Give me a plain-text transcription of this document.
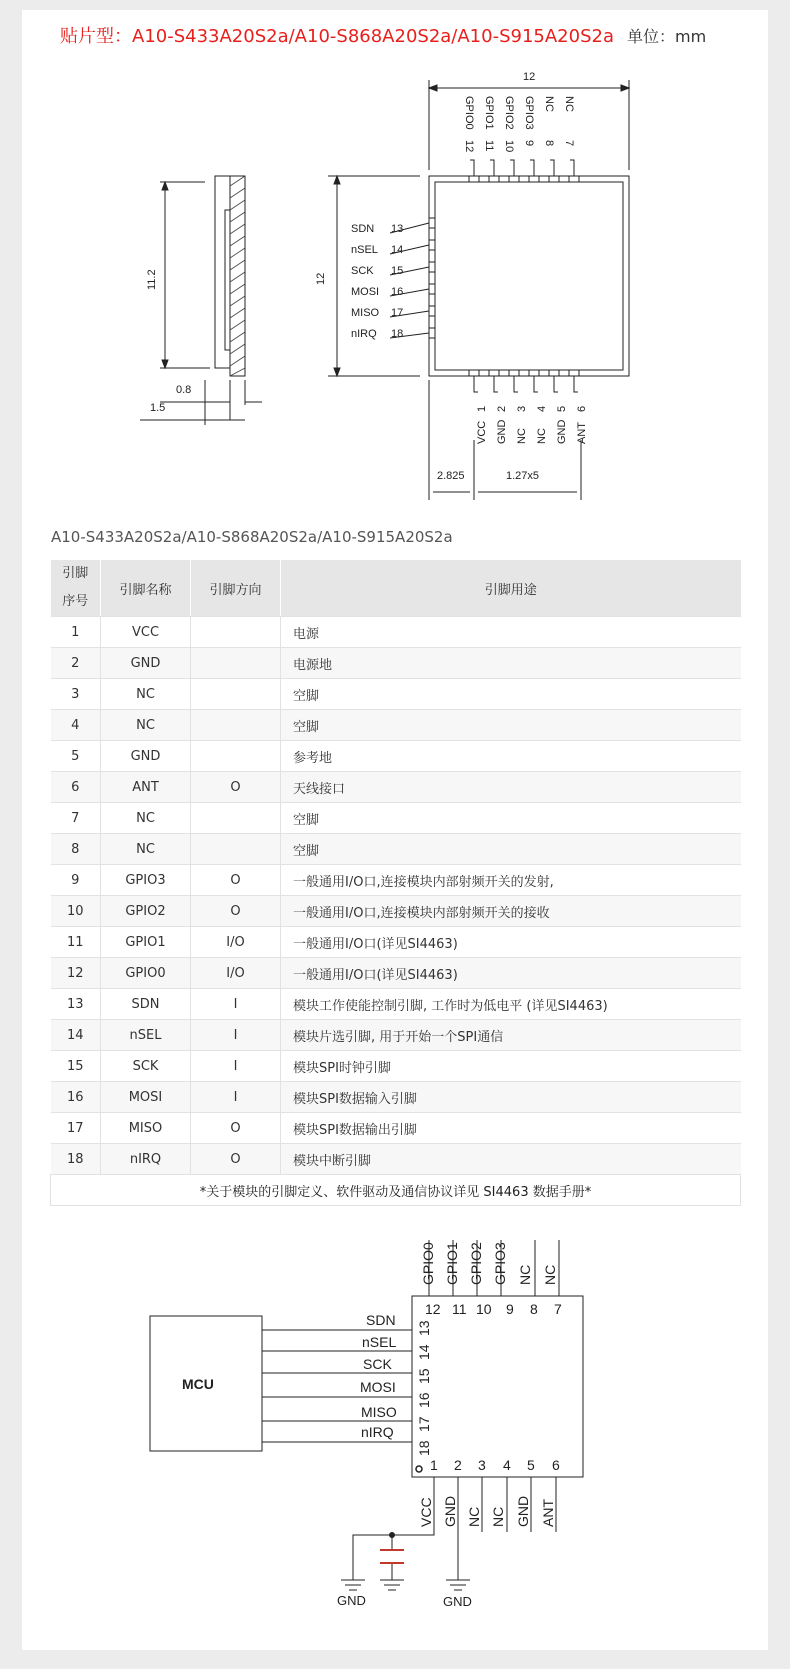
贴片型：A10-S433A20S2a/A10-S868A20S2a/A10-S915A20S2a 单位：mm
12
12
11.2
0.8
1.5
2.825	1.27x5
GPIO0 GPIO1 GPIO2 GPIO3 NC NC
12 11 10 9 8 7
SDN
nSEL
SCK
MOSI
MISO
nIRQ
13
14
15
16
17
18
1 2 3 4 5 6
VCC GND NC NC GND ANT
A10-S433A20S2a/A10-S868A20S2a/A10-S915A20S2a
引脚
序号	引脚名称	引脚方向	引脚用途
1	VCC		电源
2	GND		电源地
3	NC		空脚
4	NC		空脚
5	GND		参考地
6	ANT	O	天线接口
7	NC		空脚
8	NC		空脚
9	GPIO3	O	一般通用I/O口,连接模块内部射频开关的发射,
10	GPIO2	O	一般通用I/O口,连接模块内部射频开关的接收
11	GPIO1	I/O	一般通用I/O口(详见SI4463)
12	GPIO0	I/O	一般通用I/O口(详见SI4463)
13	SDN	I	模块工作使能控制引脚, 工作时为低电平 (详见SI4463)
14	nSEL	I	模块片选引脚, 用于开始一个SPI通信
15	SCK	I	模块SPI时钟引脚
16	MOSI	I	模块SPI数据输入引脚
17	MISO	O	模块SPI数据输出引脚
18	nIRQ	O	模块中断引脚
*关于模块的引脚定义、软件驱动及通信协议详见 SI4463 数据手册*			
MCU
SDN
nSEL
SCK
MOSI
MISO
nIRQ
13
14
15
16
17
18
GPIO0 GPIO1 GPIO2 GPIO3 NC NC
12 11 10 9 8 7
1 2 3 4 5 6
VCC GND NC NC GND ANT
GND	GND
